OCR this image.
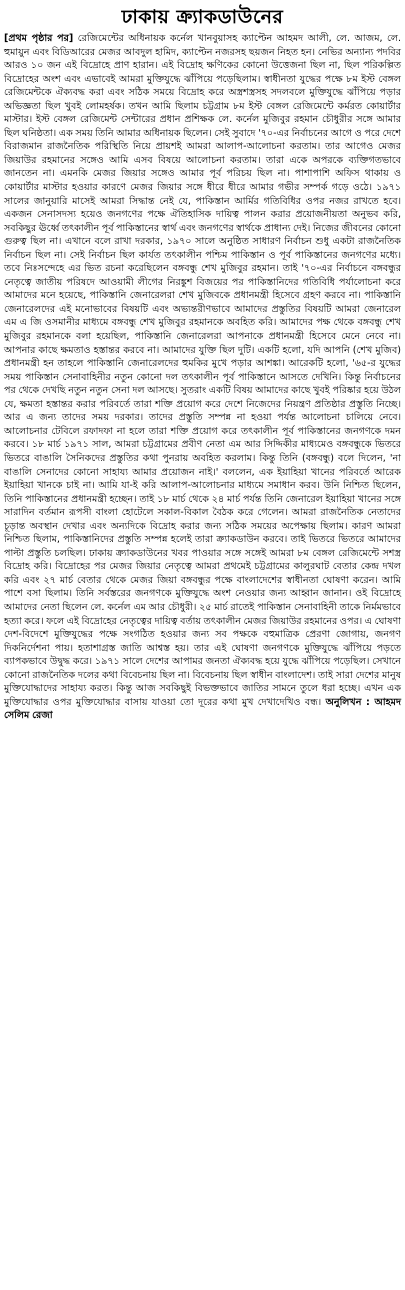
ঢাকায় ক্র্যাকডাউনের

[প্রথম পৃষ্ঠার পর] রেজিমেন্টের অধিনায়ক কর্নেল খানবুয়াসহ ক্যাপ্টেন আহমদ আলী, লে. আজম, লে. হুমায়ুন এবং বিডিআরের মেজর আবদুল হামিদ, ক্যাপ্টেন নজরসহ ছয়জন নিহত হন। নেভির অন্যান্য পদবির আরও ১০ জন এই বিদ্রোহে প্রাণ হারান। এই বিদ্রোহ ক্ষণিকের কোনো উত্তেজনা ছিল না, ছিল পরিকল্পিত বিদ্রোহের অংশ এবং এভাবেই আমরা মুক্তিযুদ্ধে ঝাঁপিয়ে পড়েছিলাম। স্বাধীনতা যুদ্ধের পক্ষে ৮ম ইস্ট বেঙ্গল রেজিমেন্টকে ঐক্যবদ্ধ করা এবং সঠিক সময়ে বিদ্রোহ করে অস্ত্রশস্ত্রসহ সদলবলে মুক্তিযুদ্ধে ঝাঁপিয়ে পড়ার অভিজ্ঞতা ছিল খুবই লোমহর্ষক। তখন আমি ছিলাম চট্টগ্রাম ৮ম ইস্ট বেঙ্গল রেজিমেন্টে কর্মরত কোয়ার্টার মাস্টার। ইস্ট বেঙ্গল রেজিমেন্ট সেন্টারের প্রধান প্রশিক্ষক লে. কর্নেল মুজিবুর রহমান চৌধুরীর সঙ্গে আমার ছিল ঘনিষ্ঠতা। এক সময় তিনি আমার অধিনায়ক ছিলেন। সেই সুবাদে '৭০-এর নির্বাচনের আগে ও পরে দেশে বিরাজমান রাজনৈতিক পরিস্থিতি নিয়ে প্রায়শই আমরা আলাপ-আলোচনা করতাম। তার আগেও মেজর জিয়াউর রহমানের সঙ্গেও আমি এসব বিষয়ে আলোচনা করতাম। তারা একে অপরকে ব্যক্তিগতভাবে জানতেন না। এমনকি মেজর জিয়ার সঙ্গেও আমার পূর্ব পরিচয় ছিল না। পাশাপাশি অফিস থাকায় ও কোয়ার্টার মাস্টার হওয়ার কারণে মেজর জিয়ার সঙ্গে ধীরে ধীরে আমার গভীর সম্পর্ক গড়ে ওঠে। ১৯৭১ সালের জানুয়ারি মাসেই আমরা সিদ্ধান্ত নেই যে, পাকিস্তান আর্মির গতিবিধির ওপর নজর রাখতে হবে। একজন সেনাসদস্য হয়েও জনগণের পক্ষে ঐতিহাসিক দায়িত্ব পালন করার প্রয়োজনীয়তা অনুভব করি, সবকিছুর ঊর্ধ্বে তৎকালীন পূর্ব পাকিস্তানের স্বার্থ এবং জনগণের স্বার্থকে প্রাধান্য দেই। নিজের জীবনের কোনো গুরুত্ব ছিল না। এখানে বলে রাখা দরকার, ১৯৭০ সালে অনুষ্ঠিত সাধারণ নির্বাচন শুধু একটা রাজনৈতিক নির্বাচন ছিল না। সেই নির্বাচন ছিল কার্যত তৎকালীন পশ্চিম পাকিস্তান ও পূর্ব পাকিস্তানের জনগণের মধ্যে। তবে নিঃসন্দেহে এর ভিত রচনা করেছিলেন বঙ্গবন্ধু শেখ মুজিবুর রহমান। তাই '৭০-এর নির্বাচনে বঙ্গবন্ধুর নেতৃত্বে জাতীয় পরিষদে আওয়ামী লীগের নিরঙ্কুশ বিজয়ের পর পাকিস্তানিদের গতিবিধি পর্যালোচনা করে আমাদের মনে হয়েছে, পাকিস্তানি জেনারেলরা শেখ মুজিবকে প্রধানমন্ত্রী হিসেবে গ্রহণ করবে না। পাকিস্তানি জেনারেলদের এই মনোভাবের বিষয়টি এবং অভ্যন্তরীণভাবে আমাদের প্রস্তুতির বিষয়টি আমরা জেনারেল এম এ জি ওসমানীর মাধ্যমে বঙ্গবন্ধু শেখ মুজিবুর রহমানকে অবহিত করি। আমাদের পক্ষ থেকে বঙ্গবন্ধু শেখ মুজিবুর রহমানকে বলা হয়েছিল, পাকিস্তানি জেনারেলরা আপনাকে প্রধানমন্ত্রী হিসেবে মেনে নেবে না। আপনার কাছে ক্ষমতাও হস্তান্তর করবে না। আমাদের যুক্তি ছিল দুটি। একটি হলো, যদি আপনি (শেখ মুজিব) প্রধানমন্ত্রী হন তাহলে পাকিস্তানি জেনারেলদের হুমকির মুখে পড়ার আশঙ্কা। আরেকটি হলো, '৬৫-র যুদ্ধের সময় পাকিস্তান সেনাবাহিনীর নতুন কোনো দল তৎকালীন পূর্ব পাকিস্তানে আসতে দেখিনি। কিন্তু নির্বাচনের পর থেকে দেখছি নতুন নতুন সেনা দল আসছে। সুতরাং একটি বিষয় আমাদের কাছে খুবই পরিষ্কার হয়ে উঠল যে, ক্ষমতা হস্তান্তর করার পরিবর্তে তারা শক্তি প্রয়োগ করে দেশে নিজেদের নিয়ন্ত্রণ প্রতিষ্ঠার প্রস্তুতি নিচ্ছে। আর এ জন্য তাদের সময় দরকার। তাদের প্রস্তুতি সম্পন্ন না হওয়া পর্যন্ত আলোচনা চালিয়ে নেবে। আলোচনার টেবিলে রফাদফা না হলে তারা শক্তি প্রয়োগ করে তৎকালীন পূর্ব পাকিস্তানের জনগণকে দমন করবে। ১৮ মার্চ ১৯৭১ সাল, আমরা চট্টগ্রামের প্রবীণ নেতা এম আর সিদ্দিকীর মাধ্যমেও বঙ্গবন্ধুকে ভিতরে ভিতরে বাঙালি সৈনিকদের প্রস্তুতির কথা পুনরায় অবহিত করলাম। কিন্তু তিনি (বঙ্গবন্ধু) বলে দিলেন, 'না বাঙালি সেনাদের কোনো সাহায্য আমার প্রয়োজন নাই।' বললেন, এক ইয়াহিয়া খানের পরিবর্তে আরেক ইয়াহিয়া খানকে চাই না। আমি যা-ই করি আলাপ-আলোচনার মাধ্যমে সমাধান করব। উনি নিশ্চিত ছিলেন, তিনি পাকিস্তানের প্রধানমন্ত্রী হচ্ছেন। তাই ১৮ মার্চ থেকে ২৪ মার্চ পর্যন্ত তিনি জেনারেল ইয়াহিয়া খানের সঙ্গে সারাদিন বর্তমান রূপসী বাংলা হোটেলে সকাল-বিকাল বৈঠক করে গেলেন। আমরা রাজনৈতিক নেতাদের চূড়ান্ত অবস্থান দেখার এবং অন্যদিকে বিদ্রোহ করার জন্য সঠিক সময়ের অপেক্ষায় ছিলাম। কারণ আমরা নিশ্চিত ছিলাম, পাকিস্তানিদের প্রস্তুতি সম্পন্ন হলেই তারা ক্র্যাকডাউন করবে। তাই ভিতরে ভিতরে আমাদের পাল্টা প্রস্তুতি চলছিল। ঢাকায় ক্র্যাকডাউনের খবর পাওয়ার সঙ্গে সঙ্গেই আমরা ৮ম বেঙ্গল রেজিমেন্টে সশস্ত্র বিদ্রোহ করি। বিদ্রোহের পর মেজর জিয়ার নেতৃত্বে আমরা প্রথমেই চট্টগ্রামের কালুরঘাট বেতার কেন্দ্র দখল করি এবং ২৭ মার্চ বেতার থেকে মেজর জিয়া বঙ্গবন্ধুর পক্ষে বাংলাদেশের স্বাধীনতা ঘোষণা করেন। আমি পাশে বসা ছিলাম। তিনি সর্বস্তরের জনগণকে মুক্তিযুদ্ধে অংশ নেওয়ার জন্য আহ্বান জানান। ওই বিদ্রোহে আমাদের নেতা ছিলেন লে. কর্নেল এম আর চৌধুরী। ২৫ মার্চ রাতেই পাকিস্তান সেনাবাহিনী তাকে নির্মমভাবে হত্যা করে। ফলে এই বিদ্রোহের নেতৃত্বের দায়িত্ব বর্তায় তৎকালীন মেজর জিয়াউর রহমানের ওপর। এ ঘোষণা দেশ-বিদেশে মুক্তিযুদ্ধের পক্ষে সংগঠিত হওয়ার জন্য সব পক্ষকে বহুমাত্রিক প্রেরণা জোগায়, জনগণ দিকনির্দেশনা পায়। হতাশাগ্রস্ত জাতি আশ্বস্ত হয়। তার এই ঘোষণা জনগণকে মুক্তিযুদ্ধে ঝাঁপিয়ে পড়তে ব্যাপকভাবে উদ্বুদ্ধ করে। ১৯৭১ সালে দেশের আপামর জনতা ঐক্যবদ্ধ হয়ে যুদ্ধে ঝাঁপিয়ে পড়েছিল। সেখানে কোনো রাজনৈতিক দলের কথা বিবেচনায় ছিল না। বিবেচনায় ছিল স্বাধীন বাংলাদেশ। তাই সারা দেশের মানুষ মুক্তিযোদ্ধাদের সাহায্য করত। কিন্তু আজ সবকিছুই বিভক্তভাবে জাতির সামনে তুলে ধরা হচ্ছে। এখন এক মুক্তিযোদ্ধার ওপর মুক্তিযোদ্ধার বাসায় যাওয়া তো দূরের কথা মুখ দেখাদেখিও বন্ধ। অনুলিখন : আহমদ সেলিম রেজা
